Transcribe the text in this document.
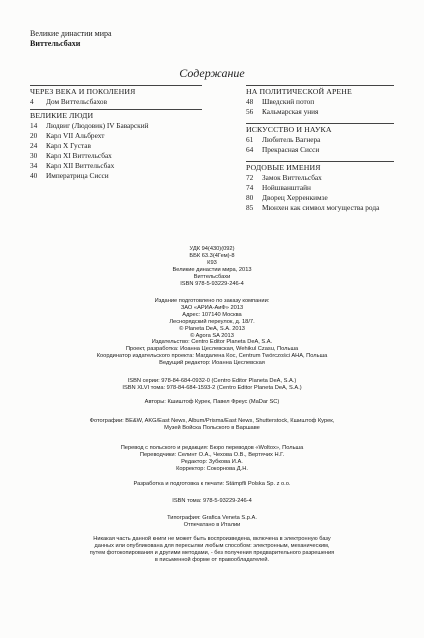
Великие династии мира
Виттельсбахи
Содержание
ЧЕРЕЗ ВЕКА И ПОКОЛЕНИЯ
4 Дом Виттельсбахов
ВЕЛИКИЕ ЛЮДИ
14 Людвиг (Людовик) IV Баварский
20 Карл VII Альбрехт
24 Карл X Густав
30 Карл XI Виттельсбах
34 Карл XII Виттельсбах
40 Императрица Сисси
НА ПОЛИТИЧЕСКОЙ АРЕНЕ
48 Шведский потоп
56 Кальмарская уния
ИСКУССТВО И НАУКА
61 Любитель Вагнера
64 Прекрасная Сисси
РОДОВЫЕ ИМЕНИЯ
72 Замок Виттельсбах
74 Нойшванштайн
80 Дворец Херренкимзе
85 Мюнхен как символ могущества рода
УДК 94(430)(092)
ББК 63.3(4Гем)-8
К93
Великие династии мира, 2013
Виттельсбахи
ISBN 978-5-93229-246-4
Издание подготовлено по заказу компании:
ЗАО «АРИА-АиФ» 2013
Адрес: 107140 Москва
Леснорядский переулок, д. 18/7.
© Planeta DeA, S.A. 2013
© Agora SA 2013
Издательство: Centro Editor Planeta DeA, S.A.
Проект, разработка: Иоанна Цеслевская, Wehikul Czasu, Польша
Координатор издательского проекта: Магдалена Кос, Centrum Twórczości AHA, Польша
Ведущий редактор: Иоанна Цеслевская
ISBN серии: 978-84-684-0932-0 (Centro Editor Planeta DeA, S.A.)
ISBN XLVI тома: 978-84-684-1593-2 (Centro Editor Planeta DeA, S.A.)
Авторы: Кшиштоф Курек, Павел Фреус (MaDar SC)
Фотографии: BE&W, AKG/East News, Album/Prisma/East News, Shutterstock, Кшиштоф Курек,
Музей Войска Польского в Варшаве
Перевод с польского и редакция: Бюро переводов «Woltox», Польша
Переводчики: Селинт О.А., Чехова О.В., Вертячих Н.Г.
Редактор: Зубкова И.А.
Корректор: Сокорнова Д.Н.
Разработка и подготовка к печати: Stämpfli Polska Sp. z o.o.
ISBN тома: 978-5-93229-246-4
Типография: Grafica Veneta S.p.A.
Отпечатано в Италии
Никакая часть данной книги не может быть воспроизведена, включена в электронную базу
данных или опубликована для пересылки любым способом: электронным, механическим,
путем фотокопирования и другими методами, - без получения предварительного разрешения
в письменной форме от правообладателей.
